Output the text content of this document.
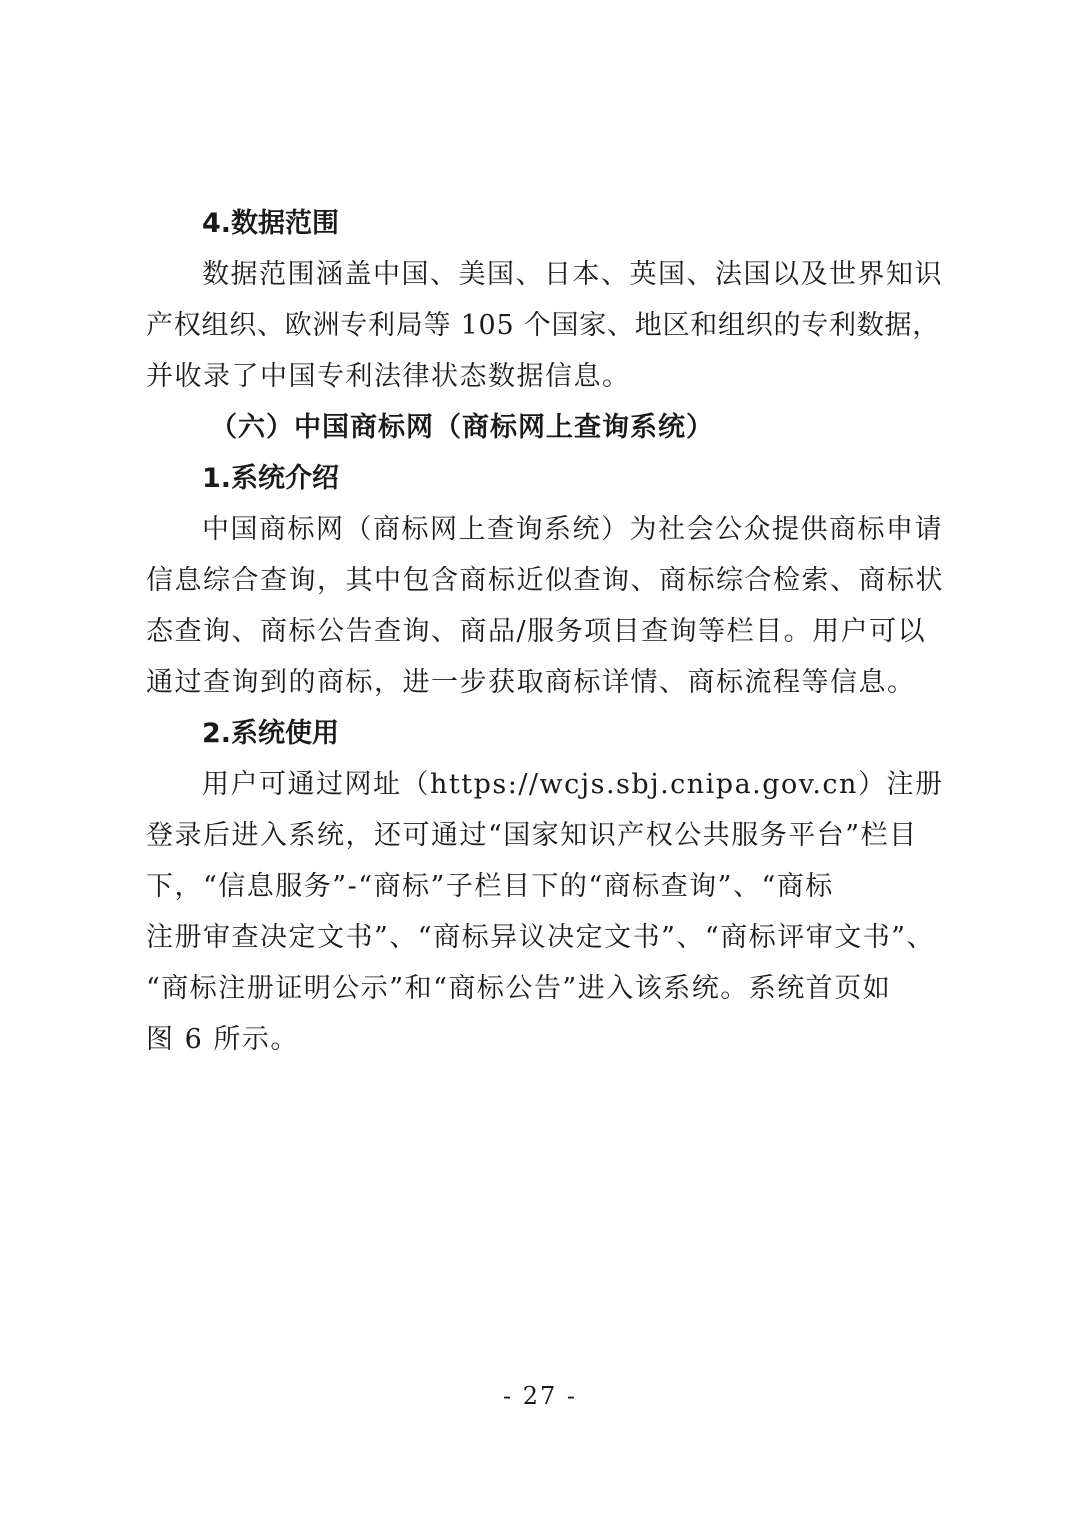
4.数据范围

数据范围涵盖中国、美国、日本、英国、法国以及世界知识
产权组织、欧洲专利局等 105 个国家、地区和组织的专利数据，
并收录了中国专利法律状态数据信息。

（六）中国商标网（商标网上查询系统）
1.系统介绍

中国商标网（商标网上查询系统）为社会公众提供商标申请
信息综合查询，其中包含商标近似查询、商标综合检索、商标状
态查询、商标公告查询、商品/服务项目查询等栏目。用户可以
通过查询到的商标，进一步获取商标详情、商标流程等信息。

2.系统使用

用户可通过网址（https://wcjs.sbj.cnipa.gov.cn）注册
登录后进入系统，还可通过“国家知识产权公共服务平台”栏目
下，“信息服务”-“商标”子栏目下的“商标查询”、“商标
注册审查决定文书”、“商标异议决定文书”、“商标评审文书”、
“商标注册证明公示”和“商标公告”进入该系统。系统首页如
图 6 所示。

- 27 -
